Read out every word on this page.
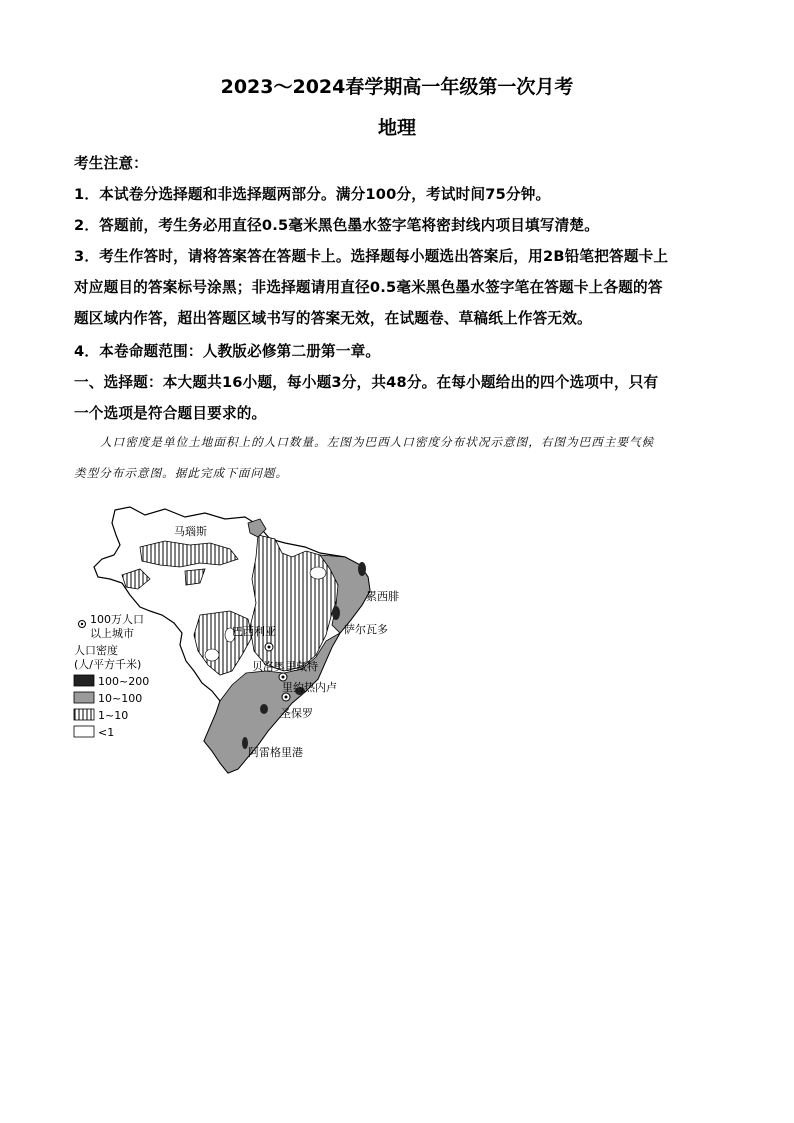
2023～2024春学期高一年级第一次月考
地理
考生注意：
1．本试卷分选择题和非选择题两部分。满分100分，考试时间75分钟。
2．答题前，考生务必用直径0.5毫米黑色墨水签字笔将密封线内项目填写清楚。
3．考生作答时，请将答案答在答题卡上。选择题每小题选出答案后，用2B铅笔把答题卡上
对应题目的答案标号涂黑；非选择题请用直径0.5毫米黑色墨水签字笔在答题卡上各题的答
题区域内作答，超出答题区域书写的答案无效，在试题卷、草稿纸上作答无效。
4．本卷命题范围：人教版必修第二册第一章。
一、选择题：本大题共16小题，每小题3分，共48分。在每小题给出的四个选项中，只有
一个选项是符合题目要求的。
人口密度是单位土地面积上的人口数量。左图为巴西人口密度分布状况示意图，右图为巴西主要气候
类型分布示意图。据此完成下面问题。
马瑙斯
累西腓
萨尔瓦多
巴西利亚
贝洛奥里藏特
里约热内卢
圣保罗
阿雷格里港
100万人口
以上城市
人口密度
(人/平方千米)
100~200
10~100
1~10
<1
